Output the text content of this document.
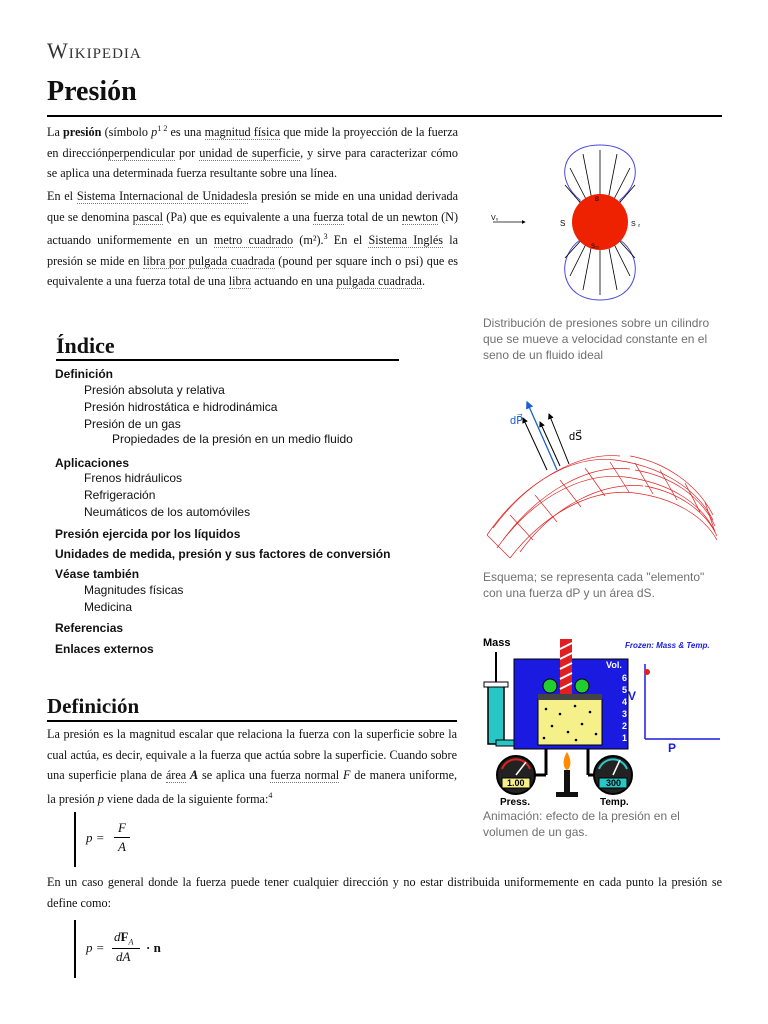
Wikipedia
Presión
La presión (símbolo $p^{1 2}$ es una magnitud física que mide la proyección de la fuerza en direcciónperpendicular por unidad de superficie, y sirve para caracterizar cómo se aplica una determinada fuerza resultante sobre una línea.
En el Sistema Internacional de Unidadesla presión se mide en una unidad derivada que se denomina pascal (Pa) que es equivalente a una fuerza total de un newton (N) actuando uniformemente en un metro cuadrado (m²).$^3$ En el Sistema Inglés la presión se mide en libra por pulgada cuadrada (pound per square inch o psi) que es equivalente a una fuerza total de una libra actuando en una pulgada cuadrada.
Índice
Definición
Presión absoluta y relativa
Presión hidrostática e hidrodinámica
Presión de un gas
Propiedades de la presión en un medio fluido
Aplicaciones
Frenos hidráulicos
Refrigeración
Neumáticos de los automóviles
Presión ejercida por los líquidos
Unidades de medida, presión y sus factores de conversión
Véase también
Magnitudes físicas
Medicina
Referencias
Enlaces externos
Definición
La presión es la magnitud escalar que relaciona la fuerza con la superficie sobre la cual actúa, es decir, equivale a la fuerza que actúa sobre la superficie. Cuando sobre una superficie plana de área A se aplica una fuerza normal F de manera uniforme, la presión p viene dada de la siguiente forma:$^4$
p =
F
A
En un caso general donde la fuerza puede tener cualquier dirección y no estar distribuida uniformemente en cada punto la presión se define como:
p =
$dF_A$
dA
· n
V₀
S	S ₂
B
S₁₁
Distribución de presiones sobre un cilindro que se mueve a velocidad constante en el seno de un fluido ideal
dP⃗
dS⃗
Esquema; se representa cada "elemento" con una fuerza dP y un área dS.
Mass	Frozen: Mass & Temp.
Vol.
6
5
4
3
2
1
V
P
1.00
Press.
300
Temp.
Animación: efecto de la presión en el volumen de un gas.
